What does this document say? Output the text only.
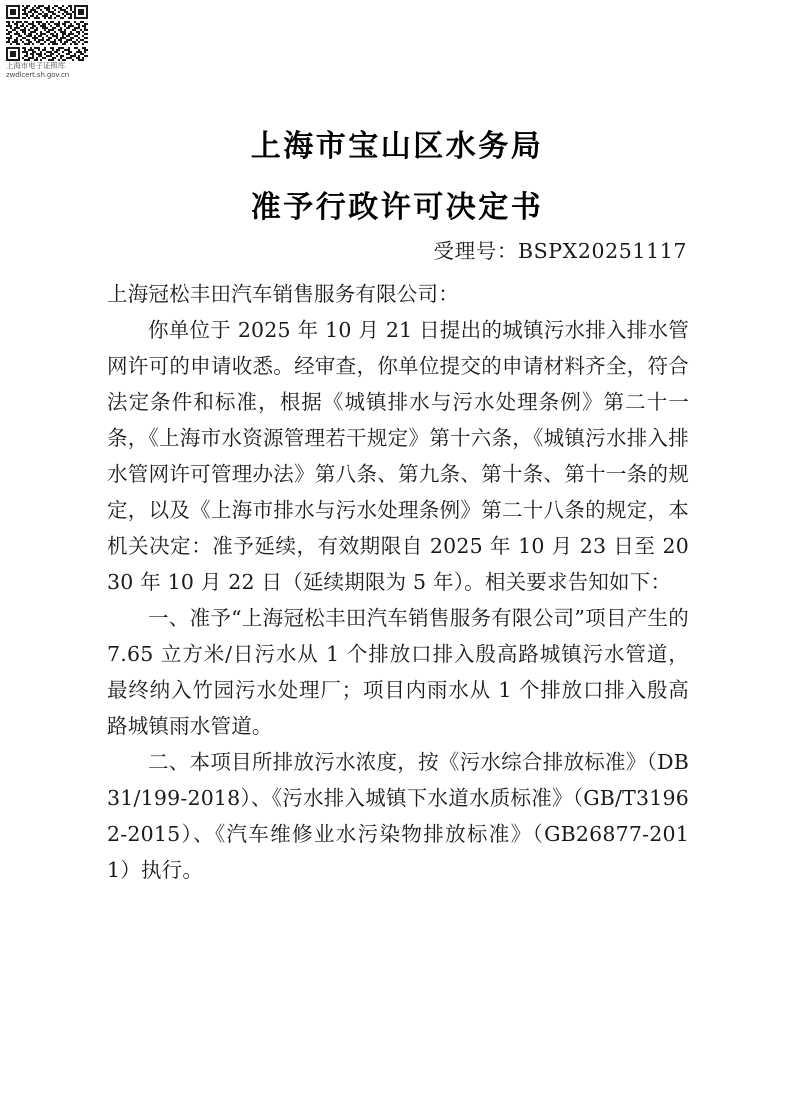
上海市电子证照库
zwdlcert.sh.gov.cn
上海市宝山区水务局
准予行政许可决定书
受理号：BSPX20251117

上海冠松丰田汽车销售服务有限公司：

你单位于 2025 年 10 月 21 日提出的城镇污水排入排水管网许可的申请收悉。经审查，你单位提交的申请材料齐全，符合法定条件和标准，根据《城镇排水与污水处理条例》第二十一条，《上海市水资源管理若干规定》第十六条，《城镇污水排入排水管网许可管理办法》第八条、第九条、第十条、第十一条的规定，以及《上海市排水与污水处理条例》第二十八条的规定，本机关决定：准予延续，有效期限自 2025 年 10 月 23 日至 2030 年 10 月 22 日（延续期限为 5 年）。相关要求告知如下：

一、准予“上海冠松丰田汽车销售服务有限公司”项目产生的 7.65 立方米/日污水从 1 个排放口排入殷高路城镇污水管道，最终纳入竹园污水处理厂；项目内雨水从 1 个排放口排入殷高路城镇雨水管道。

二、本项目所排放污水浓度，按《污水综合排放标准》（DB31/199-2018）、《污水排入城镇下水道水质标准》（GB/T31962-2015）、《汽车维修业水污染物排放标准》（GB26877-2011）执行。
